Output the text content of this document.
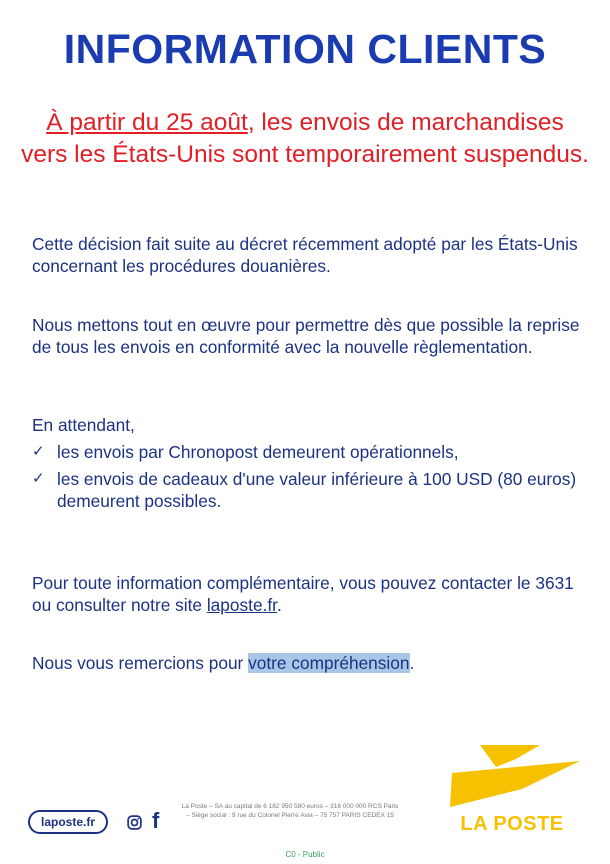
INFORMATION CLIENTS

À partir du 25 août, les envois de marchandises vers les États-Unis sont temporairement suspendus.

Cette décision fait suite au décret récemment adopté par les États-Unis concernant les procédures douanières.

Nous mettons tout en œuvre pour permettre dès que possible la reprise de tous les envois en conformité avec la nouvelle règlementation.

En attendant,

✓ les envois par Chronopost demeurent opérationnels,
✓ les envois de cadeaux d'une valeur inférieure à 100 USD (80 euros) demeurent possibles.

Pour toute information complémentaire, vous pouvez contacter le 3631 ou consulter notre site laposte.fr.

Nous vous remercions pour votre compréhension.

laposte.fr	f
La Poste – SA au capital de 6 182 950 580 euros – 316 000 000 RCS Paris – Siège social : 9 rue du Colonel Pierre Avia – 75 757 PARIS CEDEX 15	LA POSTE
C0 - Public
